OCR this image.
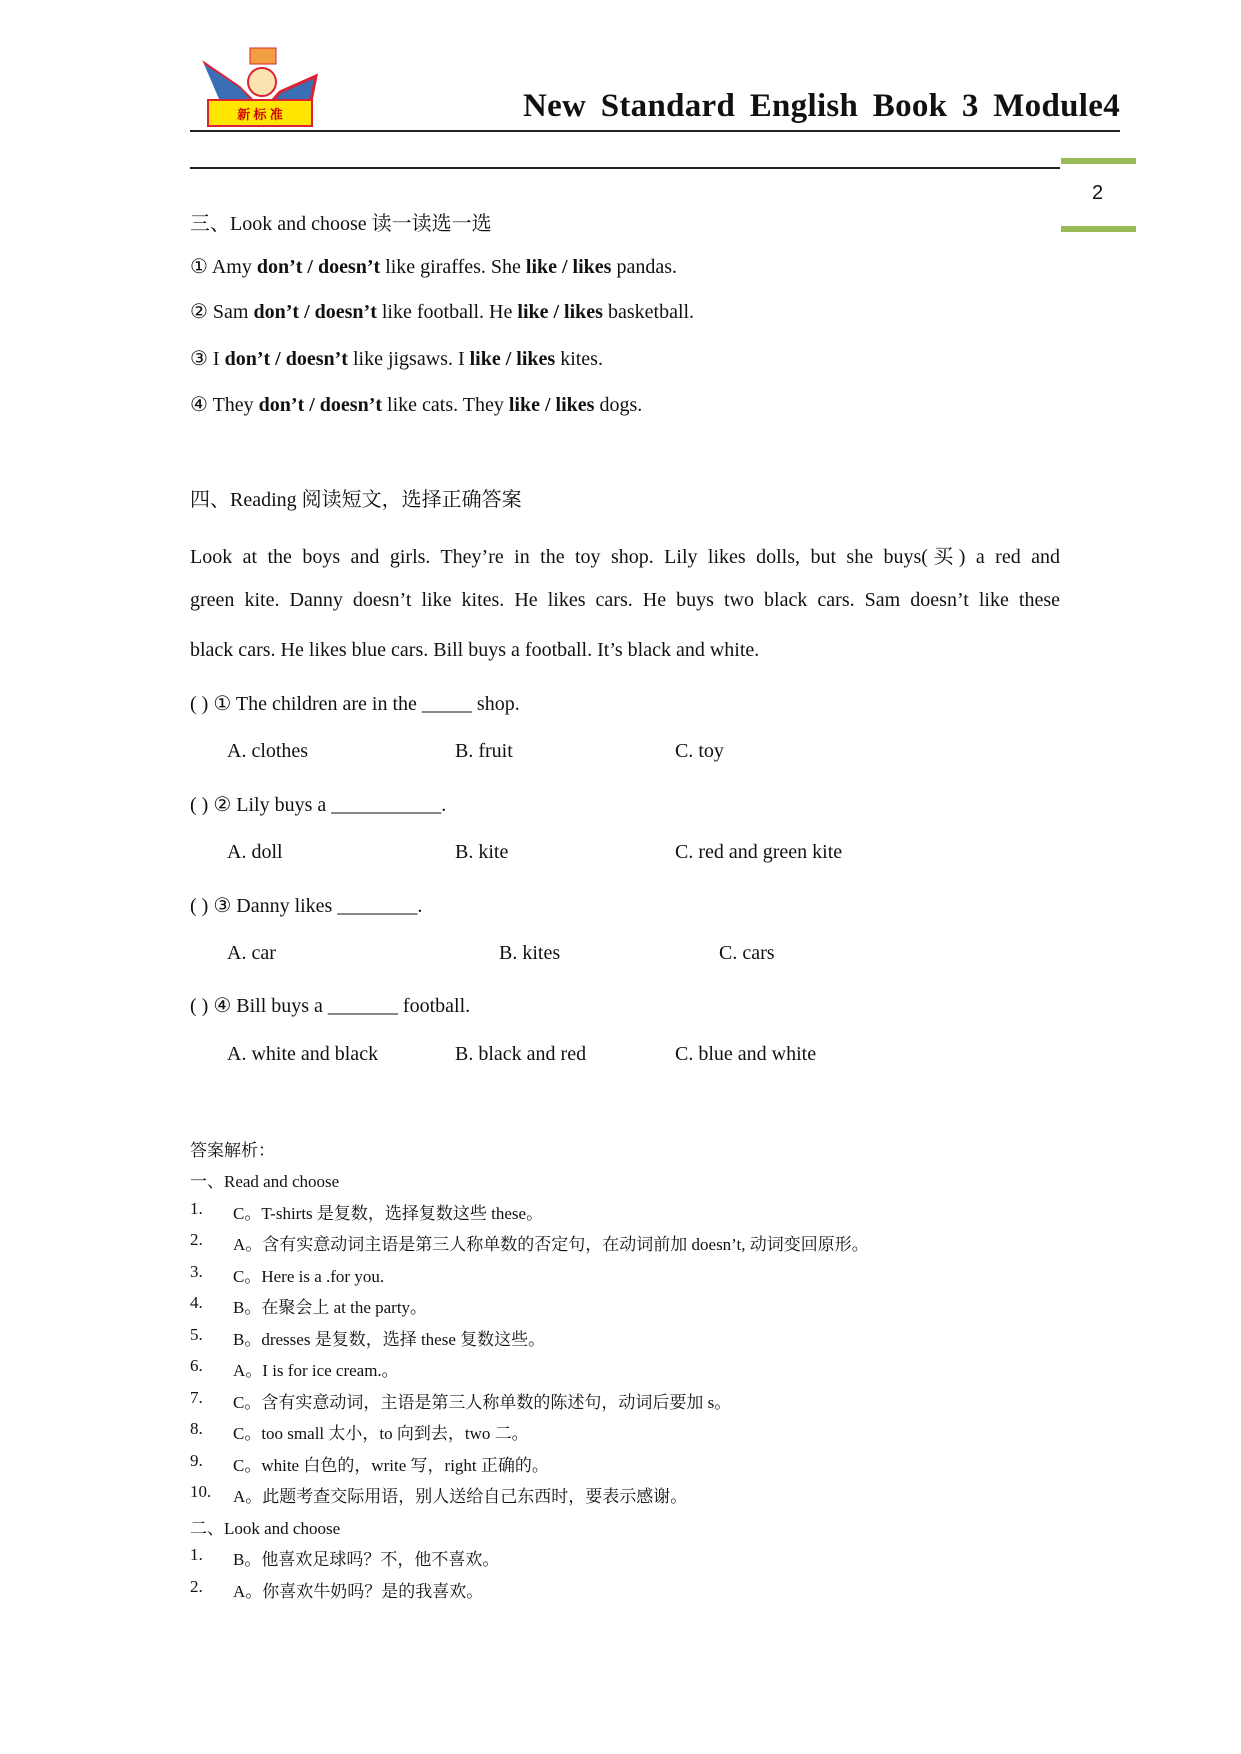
新 标 准	New Standard English Book 3 Module4
2
三、Look and choose 读一读选一选
① Amy don’t / doesn’t like giraffes. She like / likes pandas.
② Sam don’t / doesn’t like football. He like / likes basketball.
③ I don’t / doesn’t like jigsaws. I like / likes kites.
④ They don’t / doesn’t like cats. They like / likes dogs.
四、Reading 阅读短文，选择正确答案
Look at the boys and girls. They’re in the toy shop. Lily likes dolls, but she buys(买) a red and
green kite. Danny doesn’t like kites. He likes cars. He buys two black cars. Sam doesn’t like these
black cars. He likes blue cars. Bill buys a football. It’s black and white.
( ) ① The children are in the _____ shop.
A. clothes	B. fruit	C. toy
( ) ② Lily buys a ___________.
A. doll	B. kite	C. red and green kite
( ) ③ Danny likes ________.
A. car	B. kites	C. cars
( ) ④ Bill buys a _______ football.
A. white and black	B. black and red	C. blue and white
答案解析：
一、Read and choose
1. C。T-shirts 是复数，选择复数这些 these。
2. A。含有实意动词主语是第三人称单数的否定句，在动词前加 doesn’t, 动词变回原形。
3. C。Here is a .for you.
4. B。在聚会上 at the party。
5. B。dresses 是复数，选择 these 复数这些。
6. A。I is for ice cream.。
7. C。含有实意动词，主语是第三人称单数的陈述句，动词后要加 s。
8. C。too small 太小，to 向到去，two 二。
9. C。white 白色的，write 写，right 正确的。
10. A。此题考查交际用语，别人送给自己东西时，要表示感谢。
二、Look and choose
1. B。他喜欢足球吗？不，他不喜欢。
2. A。你喜欢牛奶吗？是的我喜欢。
